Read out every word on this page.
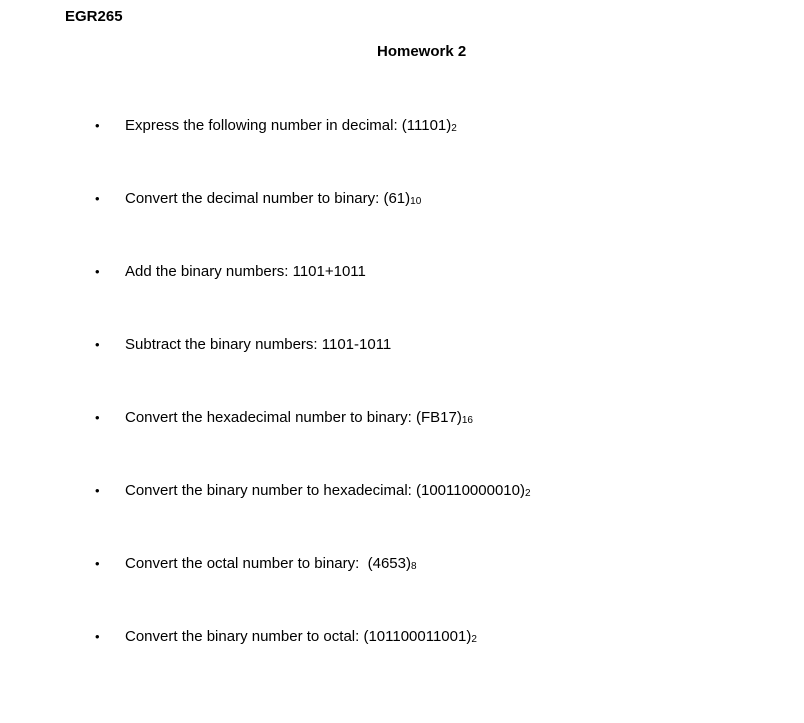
EGR265
Homework 2
•	Express the following number in decimal: (11101) 2
•	Convert the decimal number to binary: (61) 10
•	Add the binary numbers: 1101+1011
•	Subtract the binary numbers: 1101-1011
•	Convert the hexadecimal number to binary: (FB17) 16
•	Convert the binary number to hexadecimal: (100110000010) 2
•	Convert the octal number to binary:  (4653) 8
•	Convert the binary number to octal: (101100011001) 2
